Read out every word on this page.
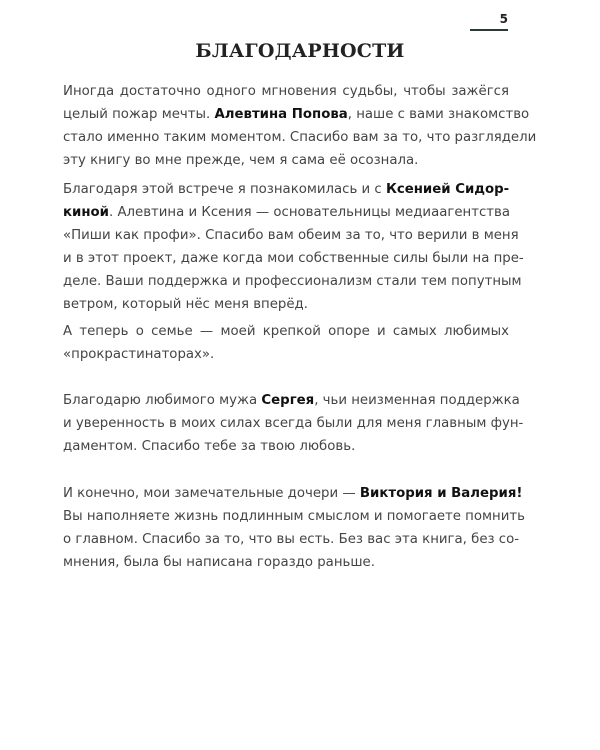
5
БЛАГОДАРНОСТИ
Иногда достаточно одного мгновения судьбы, чтобы зажёгся
целый пожар мечты. Алевтина Попова, наше с вами знакомство
стало именно таким моментом. Спасибо вам за то, что разглядели
эту книгу во мне прежде, чем я сама её осознала.
Благодаря этой встрече я познакомилась и с Ксенией Сидор-
киной. Алевтина и Ксения — основательницы медиаагентства
«Пиши как профи». Спасибо вам обеим за то, что верили в меня
и в этот проект, даже когда мои собственные силы были на пре-
деле. Ваши поддержка и профессионализм стали тем попутным
ветром, который нёс меня вперёд.
А теперь о семье — моей крепкой опоре и самых любимых
«прокрастинаторах».
Благодарю любимого мужа Сергея, чьи неизменная поддержка
и уверенность в моих силах всегда были для меня главным фун-
даментом. Спасибо тебе за твою любовь.
И конечно, мои замечательные дочери — Виктория и Валерия!
Вы наполняете жизнь подлинным смыслом и помогаете помнить
о главном. Спасибо за то, что вы есть. Без вас эта книга, без со-
мнения, была бы написана гораздо раньше.
